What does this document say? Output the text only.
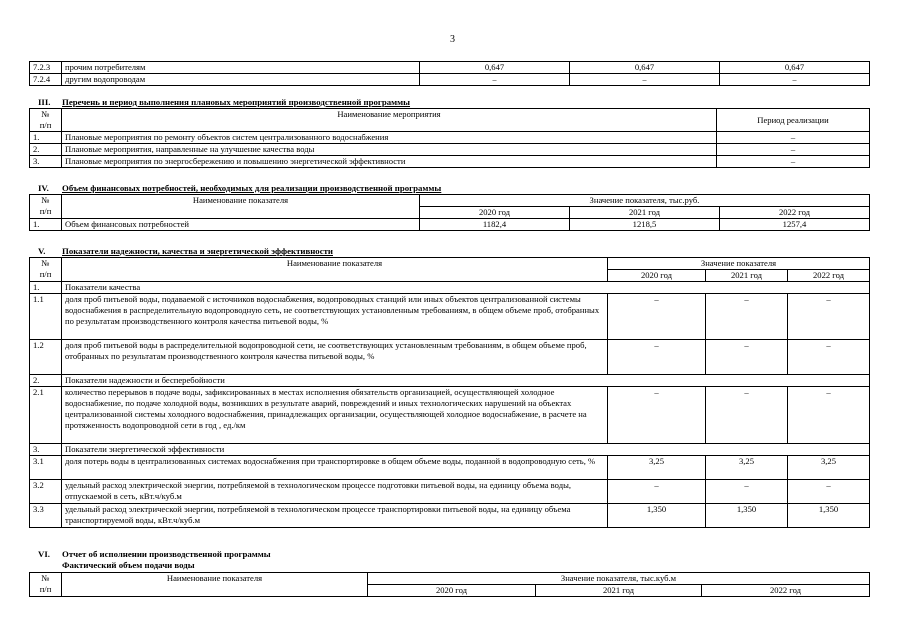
3
7.2.3	прочим потребителям	0,647	0,647	0,647
7.2.4	другим водопроводам	–	–	–
III. Перечень и период выполнения плановых мероприятий производственной программы
№
п/п	Наименование мероприятия	Период реализации
1.	Плановые мероприятия по ремонту объектов систем централизованного водоснабжения	–
2.	Плановые мероприятия, направленные на улучшение качества воды	–
3.	Плановые мероприятия по энергосбережению и повышению энергетической эффективности	–
IV. Объем финансовых потребностей, необходимых для реализации производственной программы
№
п/п	Наименование показателя	Значение показателя, тыс.руб.		
		2020 год	2021 год	2022 год
1.	Объем финансовых потребностей	1182,4	1218,5	1257,4
V. Показатели надежности, качества и энергетической эффективности
№
п/п	Наименование показателя	Значение показателя		
		2020 год	2021 год	2022 год
1.	Показатели качества			
1.1	доля проб питьевой воды, подаваемой с источников водоснабжения, водопроводных станций или иных объектов централизованной системы водоснабжения в распределительную водопроводную сеть, не соответствующих установленным требованиям, в общем объеме проб, отобранных по результатам производственного контроля качества питьевой воды, %	–	–	–
1.2	доля проб питьевой воды в распределительной водопроводной сети, не соответствующих установленным требованиям, в общем объеме проб, отобранных по результатам производственного контроля качества питьевой воды, %	–	–	–
2.	Показатели надежности и бесперебойности			
2.1	количество перерывов в подаче воды, зафиксированных в местах исполнения обязательств организацией, осуществляющей холодное водоснабжение, по подаче холодной воды, возникших в результате аварий, повреждений и иных технологических нарушений на объектах централизованной системы холодного водоснабжения, принадлежащих организации, осуществляющей холодное водоснабжение, в расчете на протяженность водопроводной сети в год , ед./км	–	–	–
3.	Показатели энергетической эффективности			
3.1	доля потерь воды в централизованных системах водоснабжения при транспортировке в общем объеме воды, поданной в водопроводную сеть, %	3,25	3,25	3,25
3.2	удельный расход электрической энергии, потребляемой в технологическом процессе подготовки питьевой воды, на единицу объема воды, отпускаемой в сеть, кВт.ч/куб.м	–	–	–
3.3	удельный расход электрической энергии, потребляемой в технологическом процессе транспортировки питьевой воды, на единицу объема транспортируемой воды, кВт.ч/куб.м	1,350	1,350	1,350
VI. Отчет об исполнении производственной программы
Фактический объем подачи воды
№
п/п	Наименование показателя	Значение показателя, тыс.куб.м		
		2020 год	2021 год	2022 год
